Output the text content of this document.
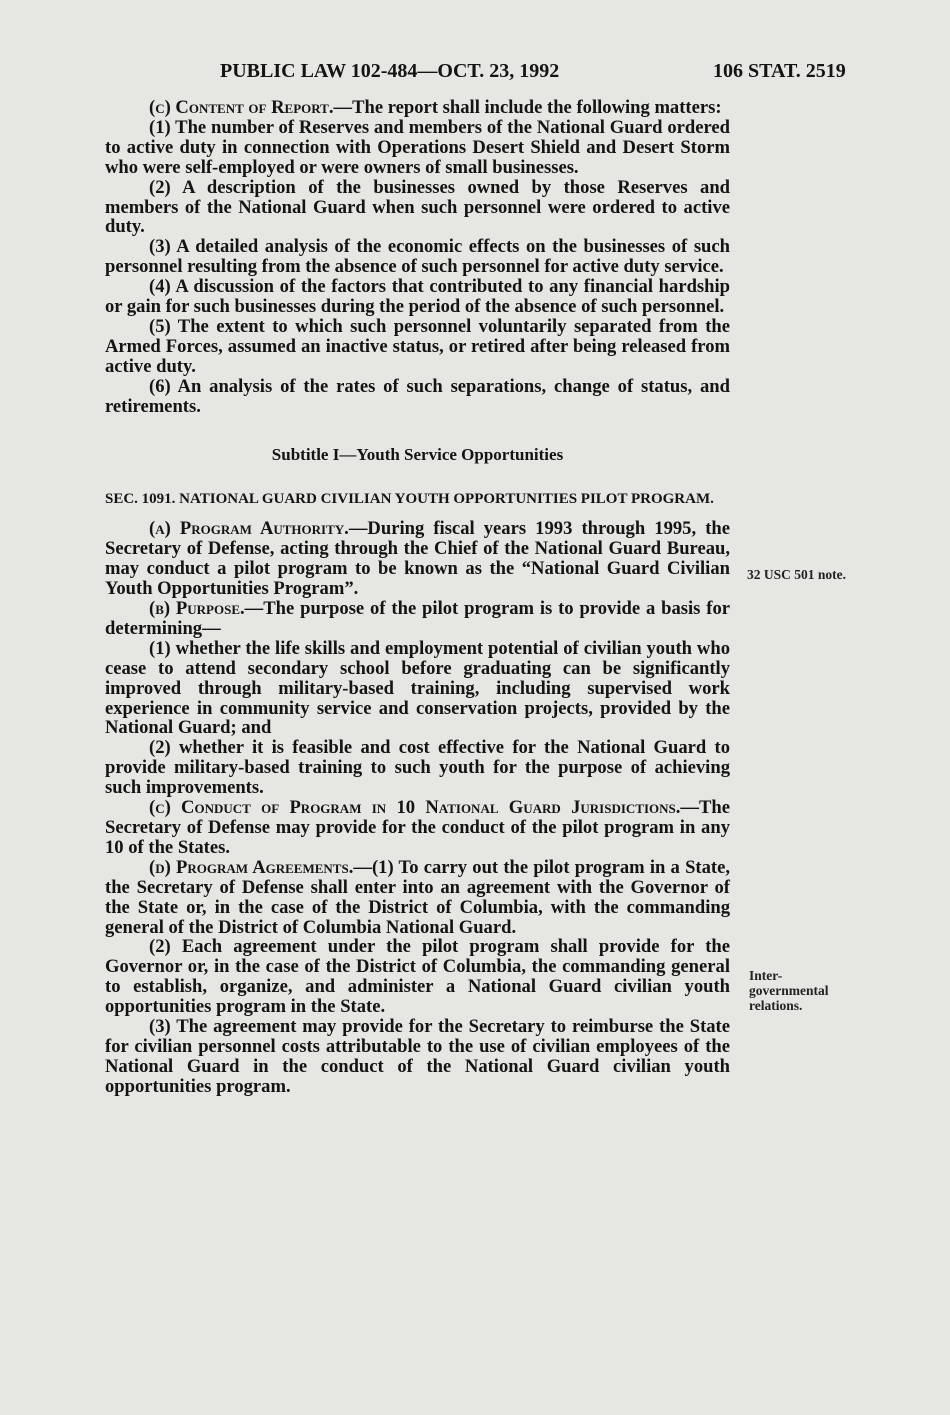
PUBLIC LAW 102-484—OCT. 23, 1992	106 STAT. 2519

(c) Content of Report.—The report shall include the following matters:

(1) The number of Reserves and members of the National Guard ordered to active duty in connection with Operations Desert Shield and Desert Storm who were self-employed or were owners of small businesses.

(2) A description of the businesses owned by those Reserves and members of the National Guard when such personnel were ordered to active duty.

(3) A detailed analysis of the economic effects on the businesses of such personnel resulting from the absence of such personnel for active duty service.

(4) A discussion of the factors that contributed to any financial hardship or gain for such businesses during the period of the absence of such personnel.

(5) The extent to which such personnel voluntarily separated from the Armed Forces, assumed an inactive status, or retired after being released from active duty.

(6) An analysis of the rates of such separations, change of status, and retirements.

Subtitle I—Youth Service Opportunities

SEC. 1091. NATIONAL GUARD CIVILIAN YOUTH OPPORTUNITIES PILOT PROGRAM.

(a) Program Authority.—During fiscal years 1993 through 1995, the Secretary of Defense, acting through the Chief of the National Guard Bureau, may conduct a pilot program to be known as the “National Guard Civilian Youth Opportunities Program”.

(b) Purpose.—The purpose of the pilot program is to provide a basis for determining—

(1) whether the life skills and employment potential of civilian youth who cease to attend secondary school before graduating can be significantly improved through military-based training, including supervised work experience in community service and conservation projects, provided by the National Guard; and

(2) whether it is feasible and cost effective for the National Guard to provide military-based training to such youth for the purpose of achieving such improvements.

(c) Conduct of Program in 10 National Guard Jurisdictions.—The Secretary of Defense may provide for the conduct of the pilot program in any 10 of the States.

(d) Program Agreements.—(1) To carry out the pilot program in a State, the Secretary of Defense shall enter into an agreement with the Governor of the State or, in the case of the District of Columbia, with the commanding general of the District of Columbia National Guard.

(2) Each agreement under the pilot program shall provide for the Governor or, in the case of the District of Columbia, the commanding general to establish, organize, and administer a National Guard civilian youth opportunities program in the State.

(3) The agreement may provide for the Secretary to reimburse the State for civilian personnel costs attributable to the use of civilian employees of the National Guard in the conduct of the National Guard civilian youth opportunities program.

32 USC 501 note.
Inter-governmental relations.
